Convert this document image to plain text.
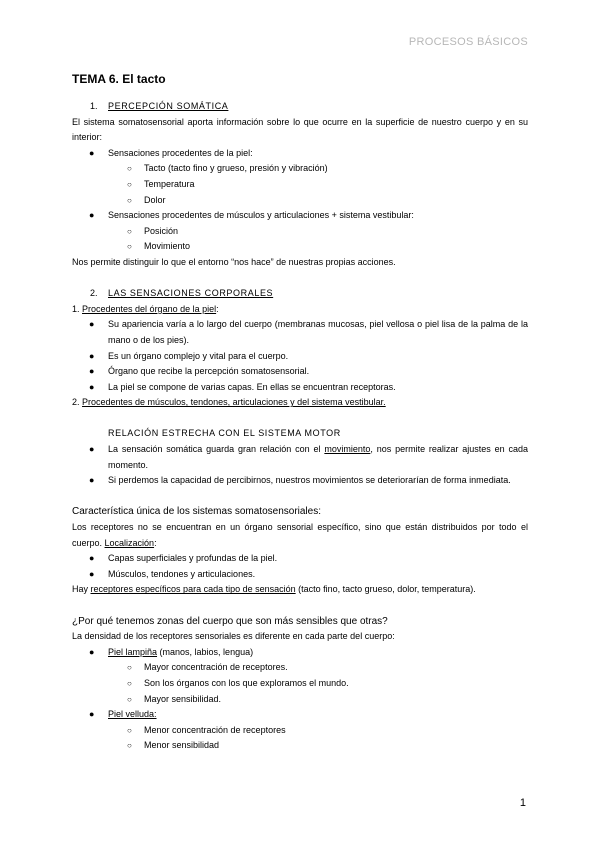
PROCESOS BÁSICOS

TEMA 6. El tacto

1. PERCEPCIÓN SOMÁTICA

El sistema somatosensorial aporta información sobre lo que ocurre en la superficie de nuestro cuerpo y en su interior:

● Sensaciones procedentes de la piel:

○ Tacto (tacto fino y grueso, presión y vibración)

○ Temperatura

○ Dolor

● Sensaciones procedentes de músculos y articulaciones + sistema vestibular:

○ Posición

○ Movimiento

Nos permite distinguir lo que el entorno “nos hace” de nuestras propias acciones.

2. LAS SENSACIONES CORPORALES

1. Procedentes del órgano de la piel:

● Su apariencia varía a lo largo del cuerpo (membranas mucosas, piel vellosa o piel lisa de la palma de la mano o de los pies).

● Es un órgano complejo y vital para el cuerpo.

● Órgano que recibe la percepción somatosensorial.

● La piel se compone de varias capas. En ellas se encuentran receptoras.

2. Procedentes de músculos, tendones, articulaciones y del sistema vestibular.

RELACIÓN ESTRECHA CON EL SISTEMA MOTOR

● La sensación somática guarda gran relación con el movimiento, nos permite realizar ajustes en cada momento.

● Si perdemos la capacidad de percibirnos, nuestros movimientos se deteriorarían de forma inmediata.

Característica única de los sistemas somatosensoriales:

Los receptores no se encuentran en un órgano sensorial específico, sino que están distribuidos por todo el cuerpo. Localización:

● Capas superficiales y profundas de la piel.

● Músculos, tendones y articulaciones.

Hay receptores específicos para cada tipo de sensación (tacto fino, tacto grueso, dolor, temperatura).

¿Por qué tenemos zonas del cuerpo que son más sensibles que otras?

La densidad de los receptores sensoriales es diferente en cada parte del cuerpo:

● Piel lampiña (manos, labios, lengua)

○ Mayor concentración de receptores.

○ Son los órganos con los que exploramos el mundo.

○ Mayor sensibilidad.

● Piel velluda:

○ Menor concentración de receptores

○ Menor sensibilidad

1
